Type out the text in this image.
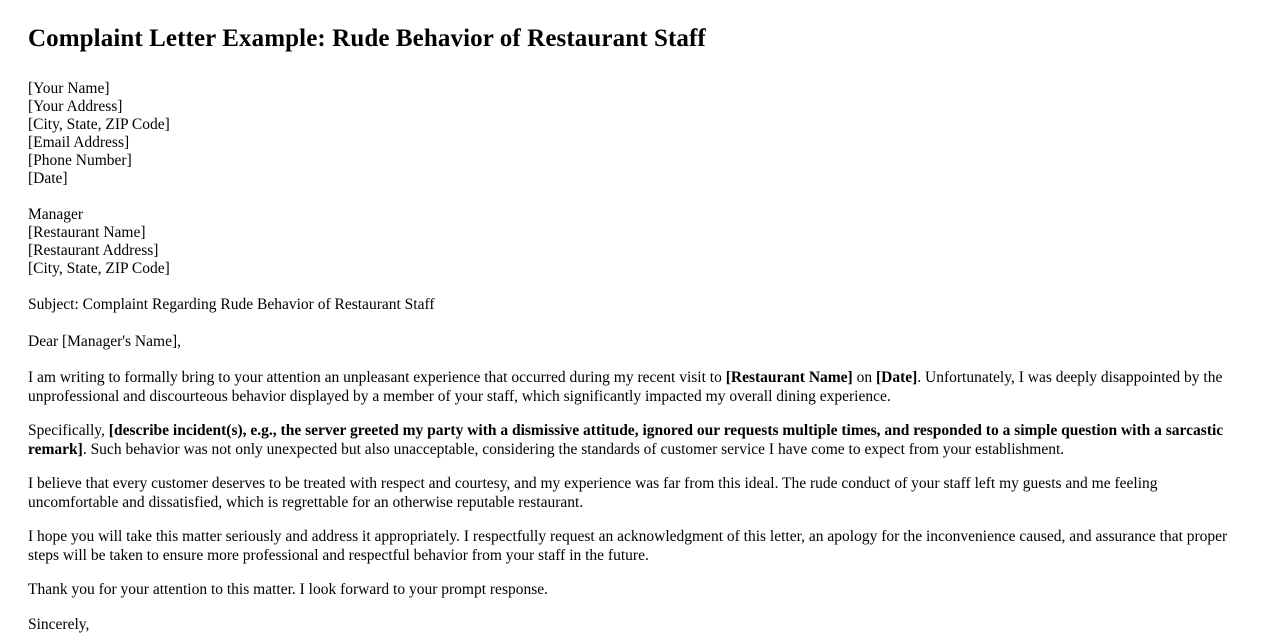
Complaint Letter Example: Rude Behavior of Restaurant Staff
[Your Name]
[Your Address]
[City, State, ZIP Code]
[Email Address]
[Phone Number]
[Date]
Manager
[Restaurant Name]
[Restaurant Address]
[City, State, ZIP Code]

Subject: Complaint Regarding Rude Behavior of Restaurant Staff

Dear [Manager's Name],

I am writing to formally bring to your attention an unpleasant experience that occurred during my recent visit to [Restaurant Name] on [Date]. Unfortunately, I was deeply disappointed by the unprofessional and discourteous behavior displayed by a member of your staff, which significantly impacted my overall dining experience.

Specifically, [describe incident(s), e.g., the server greeted my party with a dismissive attitude, ignored our requests multiple times, and responded to a simple question with a sarcastic remark]. Such behavior was not only unexpected but also unacceptable, considering the standards of customer service I have come to expect from your establishment.

I believe that every customer deserves to be treated with respect and courtesy, and my experience was far from this ideal. The rude conduct of your staff left my guests and me feeling uncomfortable and dissatisfied, which is regrettable for an otherwise reputable restaurant.

I hope you will take this matter seriously and address it appropriately. I respectfully request an acknowledgment of this letter, an apology for the inconvenience caused, and assurance that proper steps will be taken to ensure more professional and respectful behavior from your staff in the future.

Thank you for your attention to this matter. I look forward to your prompt response.

Sincerely,
